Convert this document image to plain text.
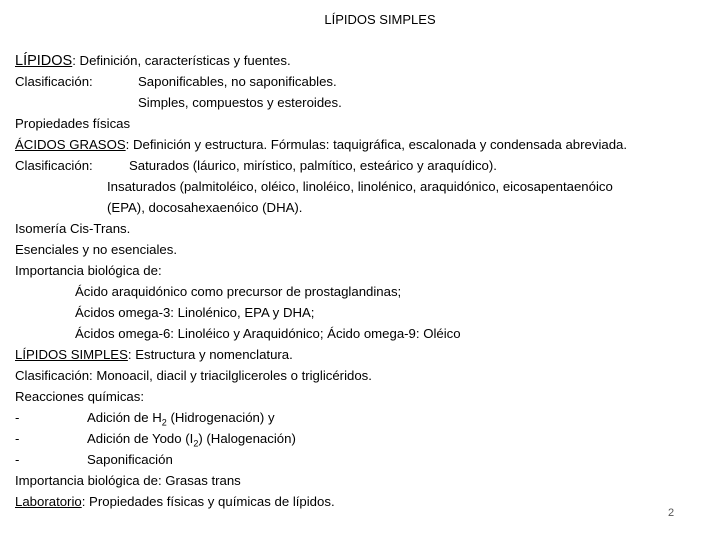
LÍPIDOS SIMPLES
LÍPIDOS: Definición, características y fuentes.
Clasificación:	Saponificables, no saponificables.
Simples, compuestos y esteroides.
Propiedades físicas
ÁCIDOS GRASOS: Definición y estructura. Fórmulas: taquigráfica, escalonada y condensada abreviada.
Clasificación:	Saturados (láurico, mirístico, palmítico, esteárico y araquídico).
Insaturados (palmitoléico, oléico, linoléico, linolénico, araquidónico, eicosapentaenóico
(EPA), docosahexaenóico (DHA).
Isomería Cis-Trans.
Esenciales y no esenciales.
Importancia biológica de:
Ácido araquidónico como precursor de prostaglandinas;
Ácidos omega-3: Linolénico, EPA y DHA;
Ácidos omega-6: Linoléico y Araquidónico; Ácido omega-9: Oléico
LÍPIDOS SIMPLES: Estructura y nomenclatura.
Clasificación: Monoacil, diacil y triacilgliceroles o triglicéridos.
Reacciones químicas:
-	Adición de $H_2$ (Hidrogenación) y
-	Adición de Yodo $(I_2)$ (Halogenación)
-	Saponificación
Importancia biológica de: Grasas trans
Laboratorio: Propiedades físicas y químicas de lípidos.
2
